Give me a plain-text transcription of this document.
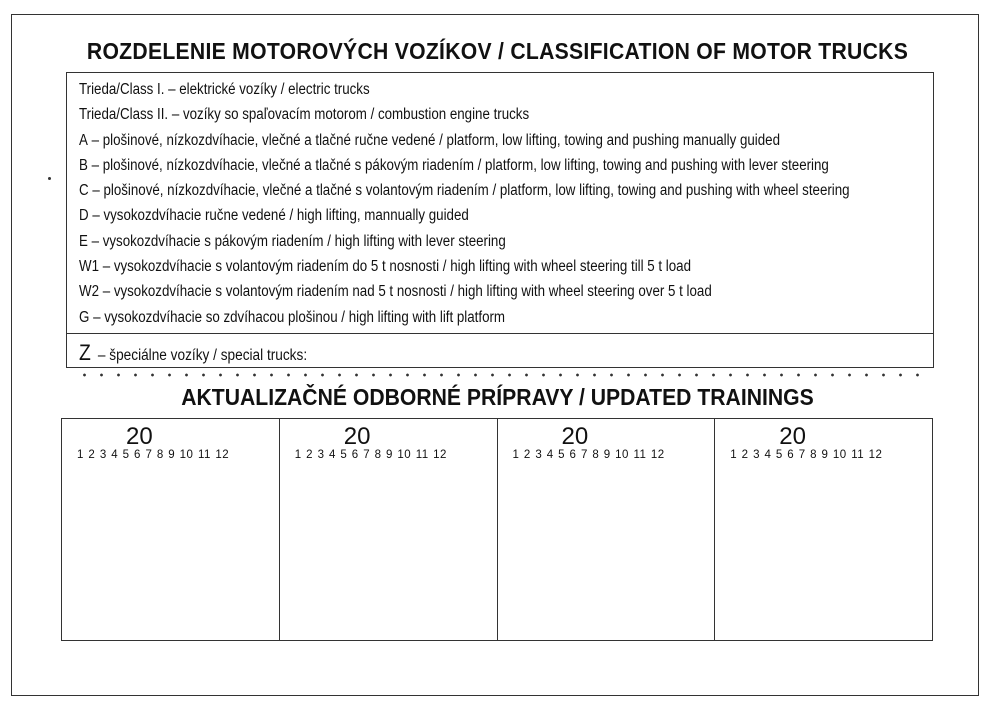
ROZDELENIE MOTOROVÝCH VOZÍKOV / CLASSIFICATION OF MOTOR TRUCKS
Trieda/Class I. – elektrické vozíky / electric trucks
Trieda/Class II. – vozíky so spaľovacím motorom / combustion engine trucks
A – plošinové, nízkozdvíhacie, vlečné a tlačné ručne vedené / platform, low lifting, towing and pushing manually guided
B – plošinové, nízkozdvíhacie, vlečné a tlačné s pákovým riadením / platform, low lifting, towing and pushing with lever steering
C – plošinové, nízkozdvíhacie, vlečné a tlačné s volantovým riadením / platform, low lifting, towing and pushing with wheel steering
D – vysokozdvíhacie ručne vedené / high lifting, mannually guided
E – vysokozdvíhacie s pákovým riadením / high lifting with lever steering
W1 – vysokozdvíhacie s volantovým riadením do 5 t nosnosti / high lifting with wheel steering till 5 t load
W2 – vysokozdvíhacie s volantovým riadením nad 5 t nosnosti / high lifting with wheel steering over 5 t load
G – vysokozdvíhacie so zdvíhacou plošinou / high lifting with lift platform
Z – špeciálne vozíky / special trucks:
AKTUALIZAČNÉ ODBORNÉ PRÍPRAVY / UPDATED TRAININGS
20
1 2 3 4 5 6 7 8 9 10 11 12
20
1 2 3 4 5 6 7 8 9 10 11 12
20
1 2 3 4 5 6 7 8 9 10 11 12
20
1 2 3 4 5 6 7 8 9 10 11 12
